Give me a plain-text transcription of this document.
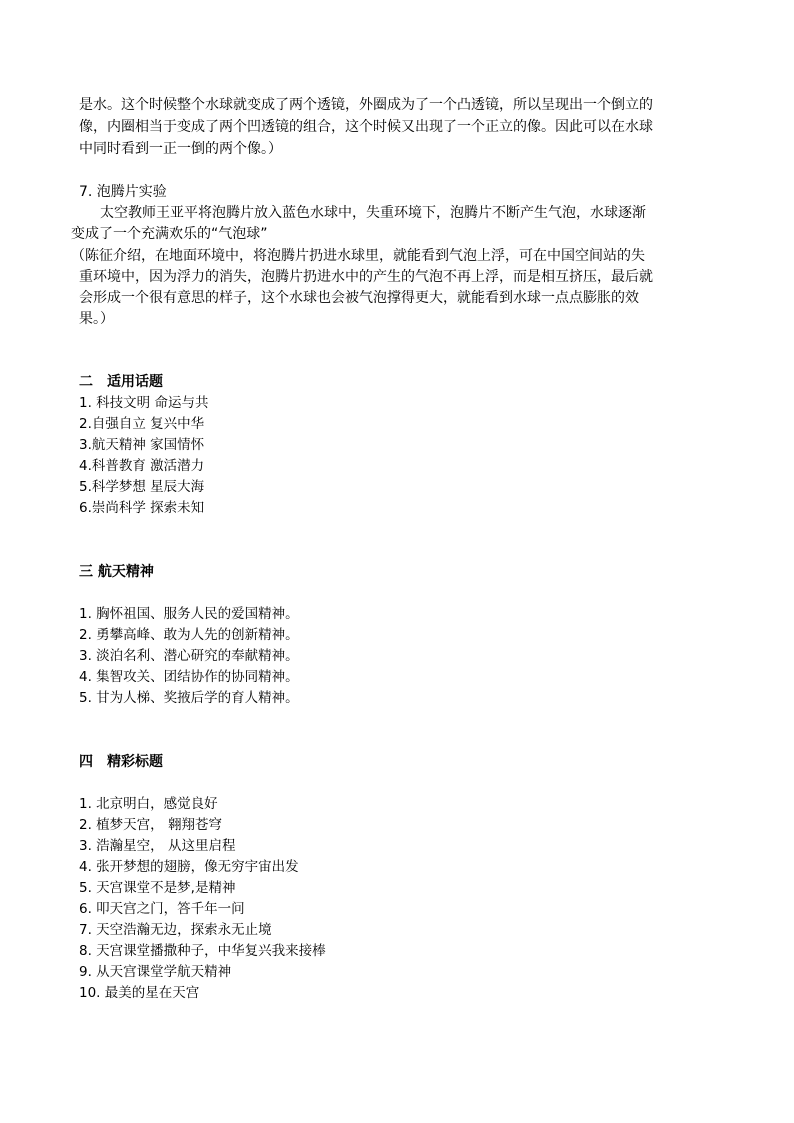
是水。这个时候整个水球就变成了两个透镜，外圈成为了一个凸透镜，所以呈现出一个倒立的
像，内圈相当于变成了两个凹透镜的组合，这个时候又出现了一个正立的像。因此可以在水球
中同时看到一正一倒的两个像。）
7. 泡腾片实验
太空教师王亚平将泡腾片放入蓝色水球中，失重环境下，泡腾片不断产生气泡，水球逐渐
变成了一个充满欢乐的“气泡球”
（陈征介绍，在地面环境中，将泡腾片扔进水球里，就能看到气泡上浮，可在中国空间站的失
重环境中，因为浮力的消失，泡腾片扔进水中的产生的气泡不再上浮，而是相互挤压，最后就
会形成一个很有意思的样子，这个水球也会被气泡撑得更大，就能看到水球一点点膨胀的效
果。）
二　适用话题
1. 科技文明 命运与共
2.自强自立 复兴中华
3.航天精神 家国情怀
4.科普教育 激活潜力
5.科学梦想 星辰大海
6.崇尚科学 探索未知
三 航天精神
1. 胸怀祖国、服务人民的爱国精神。
2. 勇攀高峰、敢为人先的创新精神。
3. 淡泊名利、潜心研究的奉献精神。
4. 集智攻关、团结协作的协同精神。
5. 甘为人梯、奖掖后学的育人精神。
四　精彩标题
1. 北京明白，感觉良好
2. 植梦天宫， 翱翔苍穹
3. 浩瀚星空， 从这里启程
4. 张开梦想的翅膀，像无穷宇宙出发
5. 天宫课堂不是梦,是精神
6. 叩天宫之门，答千年一问
7. 天空浩瀚无边，探索永无止境
8. 天宫课堂播撒种子，中华复兴我来接棒
9. 从天宫课堂学航天精神
10. 最美的星在天宫
